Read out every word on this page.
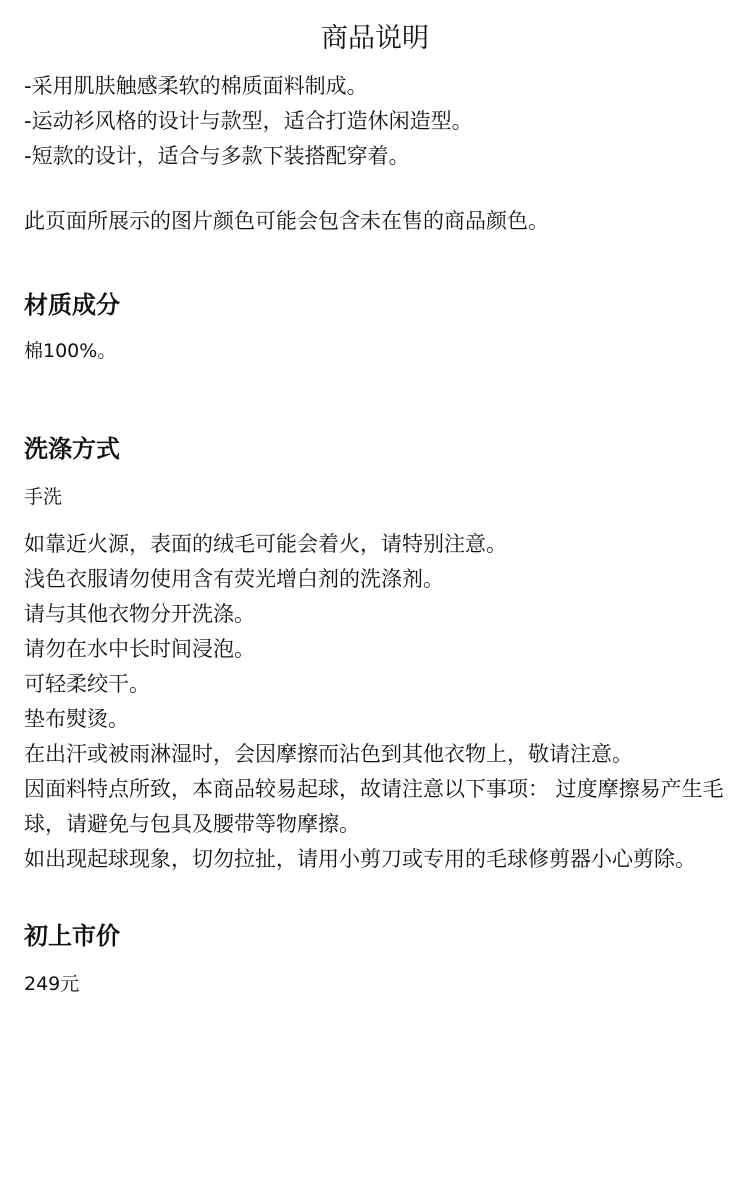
商品说明
-采用肌肤触感柔软的棉质面料制成。
-运动衫风格的设计与款型，适合打造休闲造型。
-短款的设计，适合与多款下装搭配穿着。

此页面所展示的图片颜色可能会包含未在售的商品颜色。

材质成分

棉100%。

洗涤方式

手洗

如靠近火源，表面的绒毛可能会着火，请特别注意。
浅色衣服请勿使用含有荧光增白剂的洗涤剂。
请与其他衣物分开洗涤。
请勿在水中长时间浸泡。
可轻柔绞干。
垫布熨烫。
在出汗或被雨淋湿时，会因摩擦而沾色到其他衣物上，敬请注意。
因面料特点所致，本商品较易起球，故请注意以下事项： 过度摩擦易产生毛球，请避免与包具及腰带等物摩擦。
如出现起球现象，切勿拉扯，请用小剪刀或专用的毛球修剪器小心剪除。
初上市价

249元
